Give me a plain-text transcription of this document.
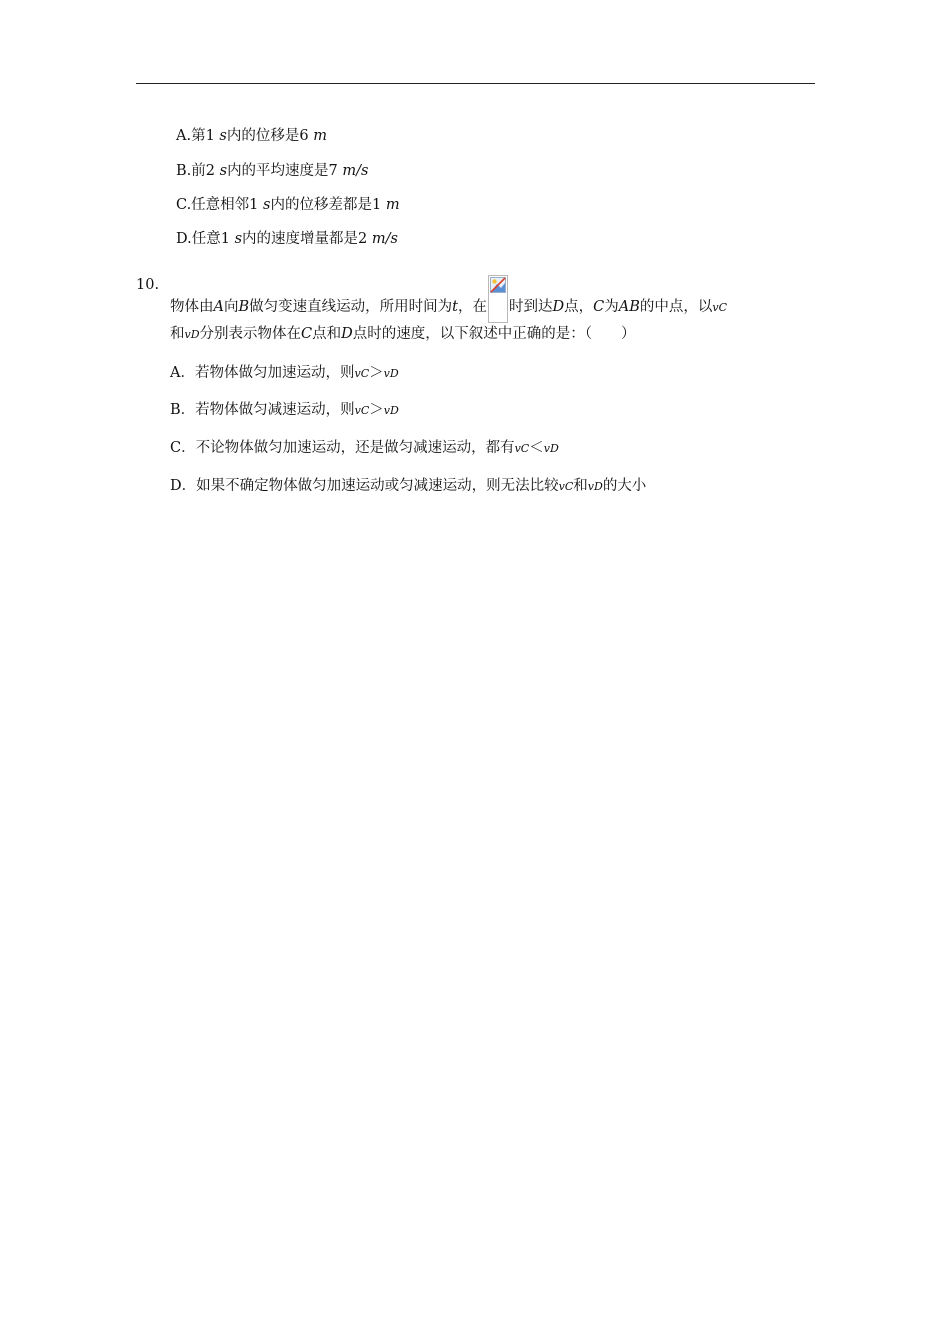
A.第1 s内的位移是6 m
B.前2 s内的平均速度是7 m/s
C.任意相邻1 s内的位移差都是1 m
D.任意1 s内的速度增量都是2 m/s
10.
物体由A向B做匀变速直线运动，所用时间为t，在 时到达D点，C为AB的中点，以vC
和vD分别表示物体在C点和D点时的速度，以下叙述中正确的是：（　　）
A．若物体做匀加速运动，则vC＞vD
B．若物体做匀减速运动，则vC＞vD
C．不论物体做匀加速运动，还是做匀减速运动，都有vC＜vD
D．如果不确定物体做匀加速运动或匀减速运动，则无法比较vC和vD的大小
